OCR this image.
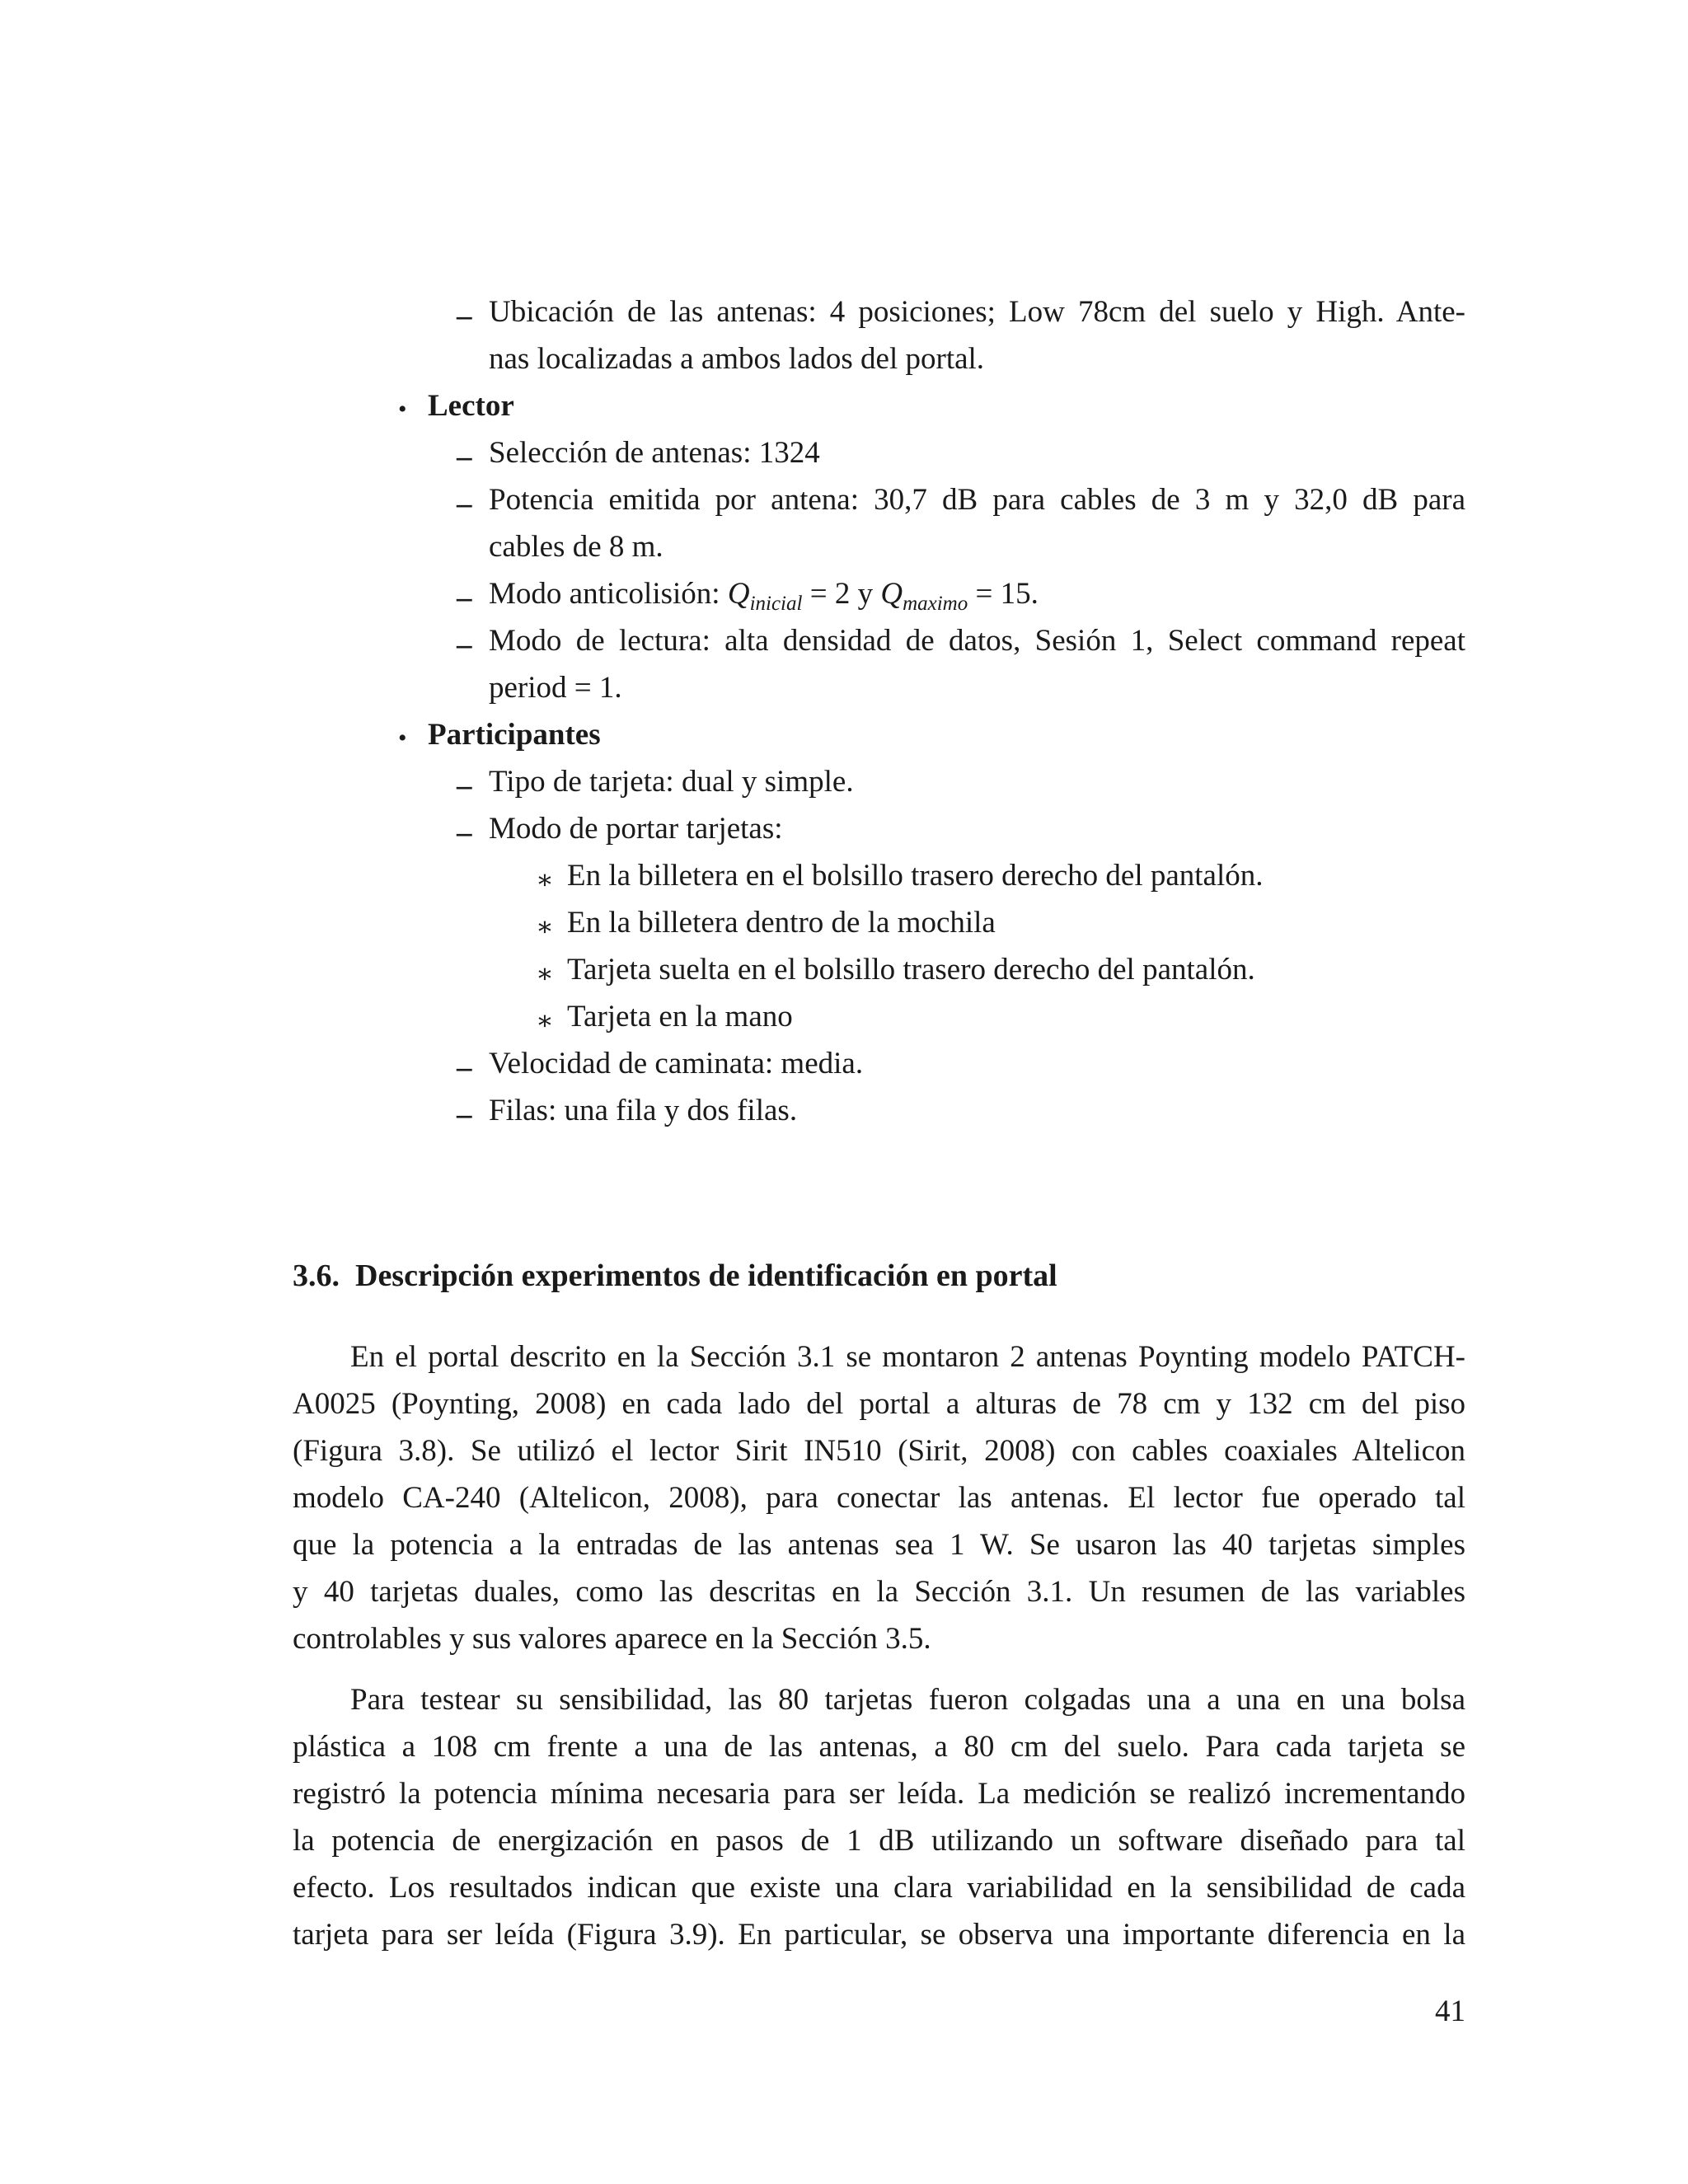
– Ubicación de las antenas: 4 posiciones; Low 78cm del suelo y High. Ante-
nas localizadas a ambos lados del portal.
• Lector
– Selección de antenas: 1324
– Potencia emitida por antena: 30,7 dB para cables de 3 m y 32,0 dB para
cables de 8 m.
– Modo anticolisión: $Q_{inicial} = 2$ y $Q_{maximo} = 15$.
– Modo de lectura: alta densidad de datos, Sesión 1, Select command repeat
period = 1.
• Participantes
– Tipo de tarjeta: dual y simple.
– Modo de portar tarjetas:
∗ En la billetera en el bolsillo trasero derecho del pantalón.
∗ En la billetera dentro de la mochila
∗ Tarjeta suelta en el bolsillo trasero derecho del pantalón.
∗ Tarjeta en la mano
– Velocidad de caminata: media.
– Filas: una fila y dos filas.
3.6. Descripción experimentos de identificación en portal
En el portal descrito en la Sección 3.1 se montaron 2 antenas Poynting modelo PATCH-
A0025 (Poynting, 2008) en cada lado del portal a alturas de 78 cm y 132 cm del piso
(Figura 3.8). Se utilizó el lector Sirit IN510 (Sirit, 2008) con cables coaxiales Altelicon
modelo CA-240 (Altelicon, 2008), para conectar las antenas. El lector fue operado tal
que la potencia a la entradas de las antenas sea 1 W. Se usaron las 40 tarjetas simples
y 40 tarjetas duales, como las descritas en la Sección 3.1. Un resumen de las variables
controlables y sus valores aparece en la Sección 3.5.
Para testear su sensibilidad, las 80 tarjetas fueron colgadas una a una en una bolsa
plástica a 108 cm frente a una de las antenas, a 80 cm del suelo. Para cada tarjeta se
registró la potencia mínima necesaria para ser leída. La medición se realizó incrementando
la potencia de energización en pasos de 1 dB utilizando un software diseñado para tal
efecto. Los resultados indican que existe una clara variabilidad en la sensibilidad de cada
tarjeta para ser leída (Figura 3.9). En particular, se observa una importante diferencia en la
41
